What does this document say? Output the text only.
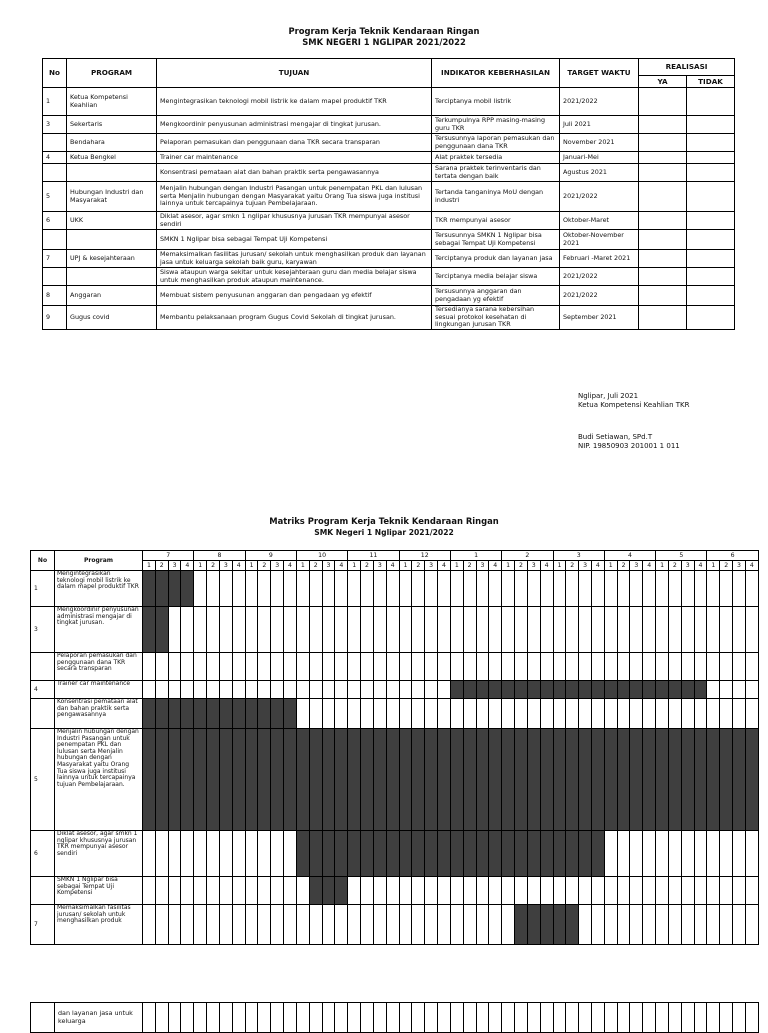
Program Kerja Teknik Kendaraan Ringan
SMK NEGERI 1 NGLIPAR 2021/2022
No	PROGRAM	TUJUAN	INDIKATOR KEBERHASILAN	TARGET WAKTU	REALISASI	
					YA	TIDAK
1	Ketua Kompetensi Keahlian	Mengintegrasikan teknologi mobil listrik ke dalam mapel produktif TKR	Terciptanya mobil listrik	2021/2022		
3	Sekertaris	Mengkoordinir penyusunan administrasi mengajar di tingkat jurusan.	Terkumpulnya RPP masing-masing guru TKR	Juli 2021		
	Bendahara	Pelaporan pemasukan dan penggunaan dana TKR secara transparan	Tersusunnya laporan pemasukan dan penggunaan dana TKR	November 2021		
4	Ketua Bengkel	Trainer car maintenance	Alat praktek tersedia	Januari-Mei		
		Konsentrasi pemataan alat dan bahan praktik serta pengawasannya	Sarana praktek terinventaris dan tertata dengan baik	Agustus 2021		
5	Hubungan Industri dan Masyarakat	Menjalin hubungan dengan Industri Pasangan untuk penempatan PKL dan lulusan serta Menjalin hubungan dengan Masyarakat yaitu Orang Tua siswa juga institusi lainnya untuk tercapainya tujuan Pembelajaraan.	Tertanda tanganinya MoU dengan industri	2021/2022		
6	UKK	Diklat asesor, agar smkn 1 nglipar khususnya jurusan TKR mempunyai asesor sendiri	TKR mempunyai asesor	Oktober-Maret		
		SMKN 1 Nglipar bisa sebagai Tempat Uji Kompetensi	Tersusunnya SMKN 1 Nglipar bisa sebagai Tempat Uji Kompetensi	Oktober-November 2021		
7	UPJ & kesejahteraan	Memaksimalkan fasilitas jurusan/ sekolah untuk menghasilkan produk dan layanan jasa untuk keluarga sekolah baik guru, karyawan	Terciptanya produk dan layanan jasa	Februari -Maret 2021		
		Siswa ataupun warga sekitar untuk kesejahteraan guru dan media belajar siswa untuk menghasilkan produk ataupun maintenance.	Terciptanya media belajar siswa	2021/2022		
8	Anggaran	Membuat sistem penyusunan anggaran dan pengadaan yg efektif	Tersusunnya anggaran dan pengadaan yg efektif	2021/2022		
9	Gugus covid	Membantu pelaksanaan program Gugus Covid Sekolah di tingkat jurusan.	Tersedianya sarana kebersihan sesuai protokol kesehatan di lingkungan jurusan TKR	September 2021		
Nglipar, Juli 2021
Ketua Kompetensi Keahlian TKR
Budi Setiawan, SPd.T
NIP. 19850903 201001 1 011
Matriks Program Kerja Teknik Kendaraan Ringan
SMK Negeri 1 Nglipar 2021/2022
No	Program	7				8				9				10				11				12				1				2				3				4				5				6			
		1	2	3	4	1	2	3	4	1	2	3	4	1	2	3	4	1	2	3	4	1	2	3	4	1	2	3	4	1	2	3	4	1	2	3	4	1	2	3	4	1	2	3	4	1	2	3	4
1	Mengintegrasikan teknologi mobil listrik ke dalam mapel produktif TKR																																																
3	Mengkoordinir penyusunan administrasi mengajar di tingkat jurusan.																																																
	Pelaporan pemasukan dan penggunaan dana TKR secara transparan																																																
4	Trainer car maintenance																																																
	Konsentrasi pemataan alat dan bahan praktik serta pengawasannya																																																
5	Menjalin hubungan dengan Industri Pasangan untuk penempatan PKL dan lulusan serta Menjalin hubungan dengan Masyarakat yaitu Orang Tua siswa juga institusi lainnya untuk tercapainya tujuan Pembelajaraan.																																																
6	Diklat asesor, agar smkn 1 nglipar khususnya jurusan TKR mempunyai asesor sendiri																																																
	SMKN 1 Nglipar bisa sebagai Tempat Uji Kompetensi																																																
7	Memaksimalkan fasilitas jurusan/ sekolah untuk menghasilkan produk																																																
	dan layanan jasa untuk keluarga																																																
